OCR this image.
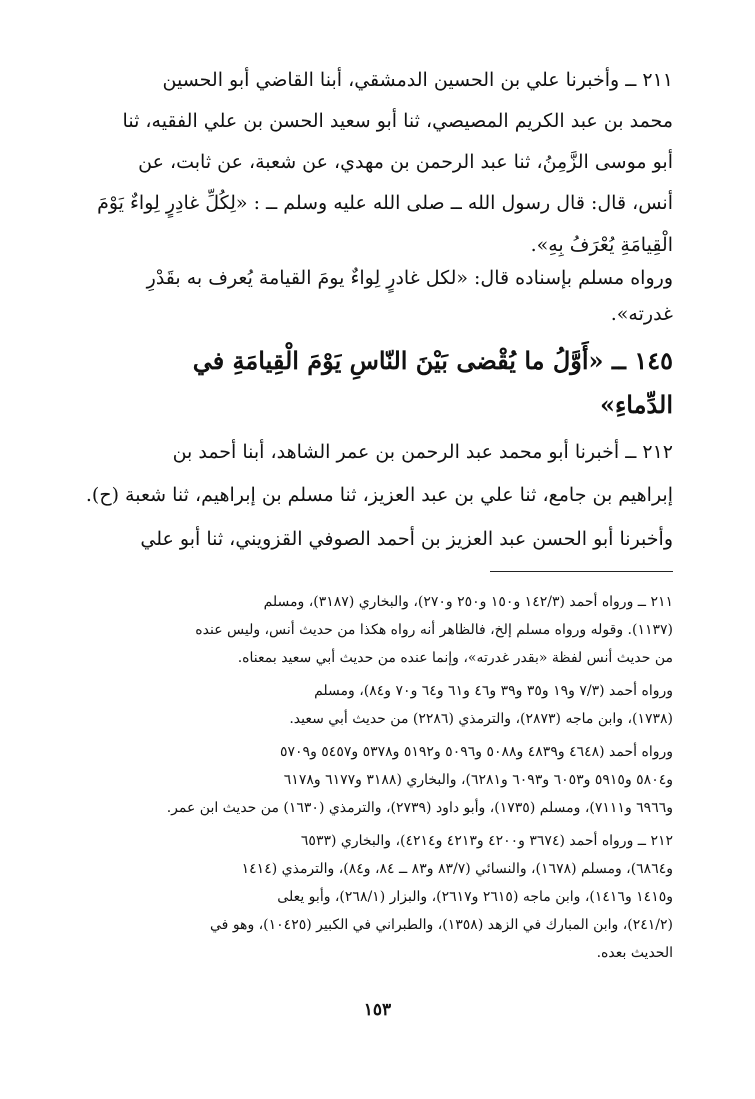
٢١١ ــ وأخبرنا علي بن الحسين الدمشقي، أبنا القاضي أبو الحسين
محمد بن عبد الكريم المصيصي، ثنا أبو سعيد الحسن بن علي الفقيه، ثنا
أبو موسى الزَّمِنُ، ثنا عبد الرحمن بن مهدي، عن شعبة، عن ثابت، عن
أنس، قال: قال رسول الله ــ صلى الله عليه وسلم ــ : «لِكُلِّ غادِرٍ لِواءٌ يَوْمَ
الْقِيامَةِ يُعْرَفُ بِهِ».
ورواه مسلم بإسناده قال: «لكل غادرٍ لِواءٌ يومَ القيامة يُعرف به بقَدْرِ
غدرته».
١٤٥ ــ «أَوَّلُ ما يُقْضى بَيْنَ النّاسِ يَوْمَ الْقِيامَةِ في
الدِّماءِ»
٢١٢ ــ أخبرنا أبو محمد عبد الرحمن بن عمر الشاهد، أبنا أحمد بن
إبراهيم بن جامع، ثنا علي بن عبد العزيز، ثنا مسلم بن إبراهيم، ثنا شعبة (ح).
وأخبرنا أبو الحسن عبد العزيز بن أحمد الصوفي القزويني، ثنا أبو علي
٢١١ ــ ورواه أحمد (١٤٢/٣ و١٥٠ و٢٥٠ و٢٧٠)، والبخاري (٣١٨٧)، ومسلم
(١١٣٧). وقوله ورواه مسلم إلخ، فالظاهر أنه رواه هكذا من حديث أنس، وليس عنده
من حديث أنس لفظة «بقدر غدرته»، وإنما عنده من حديث أبي سعيد بمعناه.
ورواه أحمد (٧/٣ و١٩ و٣٥ و٣٩ و٤٦ و٦١ و٦٤ و٧٠ و٨٤)، ومسلم
(١٧٣٨)، وابن ماجه (٢٨٧٣)، والترمذي (٢٢٨٦) من حديث أبي سعيد.
ورواه أحمد (٤٦٤٨ و٤٨٣٩ و٥٠٨٨ و٥٠٩٦ و٥١٩٢ و٥٣٧٨ و٥٤٥٧ و٥٧٠٩
و٥٨٠٤ و٥٩١٥ و٦٠٥٣ و٦٠٩٣ و٦٢٨١)، والبخاري (٣١٨٨ و٦١٧٧ و٦١٧٨
و٦٩٦٦ و٧١١١)، ومسلم (١٧٣٥)، وأبو داود (٢٧٣٩)، والترمذي (١٦٣٠) من حديث ابن عمر.
٢١٢ ــ ورواه أحمد (٣٦٧٤ و٤٢٠٠ و٤٢١٣ و٤٢١٤)، والبخاري (٦٥٣٣
و٦٨٦٤)، ومسلم (١٦٧٨)، والنسائي (٨٣/٧ و٨٣ ــ ٨٤، و٨٤)، والترمذي (١٤١٤
و١٤١٥ و١٤١٦)، وابن ماجه (٢٦١٥ و٢٦١٧)، والبزار (٢٦٨/١)، وأبو يعلى
(٢٤١/٢)، وابن المبارك في الزهد (١٣٥٨)، والطبراني في الكبير (١٠٤٢٥)، وهو في
الحديث بعده.
١٥٣
